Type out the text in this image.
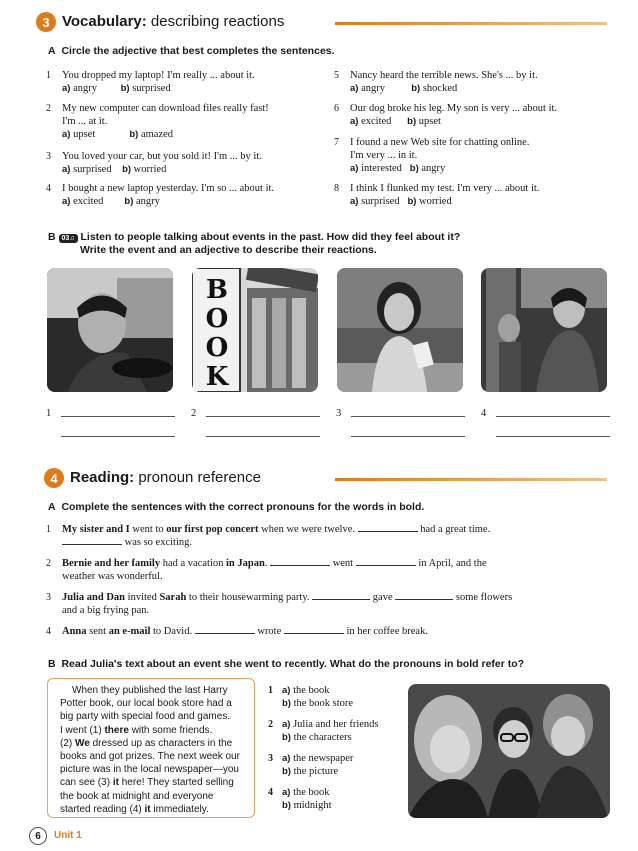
3 Vocabulary: describing reactions
A Circle the adjective that best completes the sentences.
1 You dropped my laptop! I'm really ... about it.
a) angry b) surprised
2 My new computer can download files really fast!
I'm ... at it.
a) upset	b) amazed
3 You loved your car, but you sold it! I'm ... by it.
a) surprised b) worried
4 I bought a new laptop yesterday. I'm so ... about it.
a) excited b) angry
5 Nancy heard the terrible news. She's ... by it.
a) angry	b) shocked
6 Our dog broke his leg. My son is very ... about it.
a) excited b) upset
7 I found a new Web site for chatting online.
I'm very ... in it.
a) interested b) angry
8 I think I flunked my test. I'm very ... about it.
a) surprised b) worried
B 03 ♫ Listen to people talking about events in the past. How did they feel about it?
Write the event and an adjective to describe their reactions.
B
O
O
K
1	2	3	4
4 Reading: pronoun reference
A Complete the sentences with the correct pronouns for the words in bold.
1 My sister and I went to our first pop concert when we were twelve.	had a great time.
was so exciting.
2 Bernie and her family had a vacation in Japan.	went	in April, and the
weather was wonderful.
3 Julia and Dan invited Sarah to their housewarming party.	gave	some flowers
and a big frying pan.
4 Anna sent an e-mail to David.	wrote	in her coffee break.
B Read Julia's text about an event she went to recently. What do the pronouns in bold refer to?
When they published the last Harry
Potter book, our local book store had a
big party with special food and games.
I went (1) there with some friends.
(2) We dressed up as characters in the
books and got prizes. The next week our
picture was in the local newspaper—you
can see (3) it here! They started selling
the book at midnight and everyone
started reading (4) it immediately.
1 a) the book
b) the book store
2 a) Julia and her friends
b) the characters
3 a) the newspaper
b) the picture
4 a) the book
b) midnight
6	Unit 1
